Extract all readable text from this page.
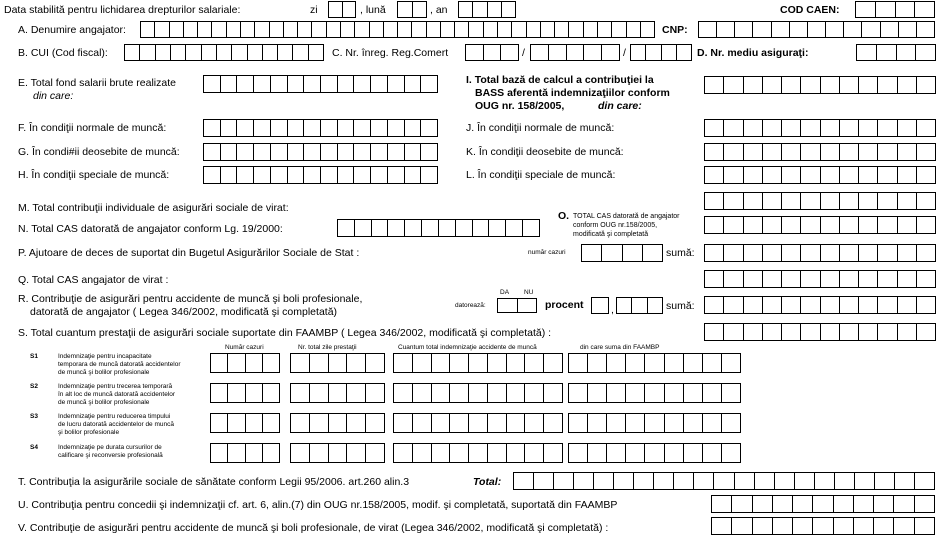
Data stabilită pentru lichidarea drepturilor salariale:	zi	, lună	, an	COD CAEN:
A. Denumire angajator:	CNP:
B. CUI (Cod fiscal):	C. Nr. înreg. Reg.Comert	/	/	D. Nr. mediu asiguraţi:
E. Total fond salarii brute realizate
din care:
I. Total bază de calcul a contribuţiei la
BASS aferentă indemnizaţiilor conform
OUG nr. 158/2005,	din care:
F. În condiţii normale de muncă:	J. În condiţii normale de muncă:
G. În condi#ii deosebite de muncă:	K. În condiţii deosebite de muncă:
H. În condiţii speciale de muncă:	L. În condiţii speciale de muncă:
M. Total contribuţii individuale de asigurări sociale de virat:
N. Total CAS datorată de angajator conform Lg. 19/2000:
O. TOTAL CAS datorată de angajator
conform OUG nr.158/2005,
modificată şi completată
P. Ajutoare de deces de suportat din Bugetul Asigurărilor Sociale de Stat :	număr cazuri	sumă:
Q. Total CAS angajator de virat :
R. Contribuţie de asigurări pentru accidente de muncă şi boli profesionale,
datorată de angajator ( Legea 346/2002, modificată şi completată)
datorează:
DA NU
procent	,	sumă:
S. Total cuantum prestaţii de asigurări sociale suportate din FAAMBP ( Legea 346/2002, modificată şi completată) :
Număr cazuri	Nr. total zile prestaţii	Cuantum total indemnizaţie accidente de muncă	din care suma din FAAMBP
S1	Indemnizaţie pentru incapacitate
temporara de muncă datorată accidentelor
de muncă şi bolilor profesionale
S2	Indemnizaţie pentru trecerea temporară
în alt loc de muncă datorată accidentelor
de muncă şi bolilor profesionale
S3	Indemnizaţie pentru reducerea timpului
de lucru datorată accidentelor de muncă
şi bolilor profesionale
S4	Indemnizaţie pe durata cursurilor de
calificare şi reconversie profesională
T. Contribuţia la asigurările sociale de sănătate conform Legii 95/2006. art.260 alin.3	Total:
U. Contribuţia pentru concedii şi indemnizaţii cf. art. 6, alin.(7) din OUG nr.158/2005, modif. şi completată, suportată din FAAMBP
V. Contribuţie de asigurări pentru accidente de muncă şi boli profesionale, de virat (Legea 346/2002, modificată şi completată) :
